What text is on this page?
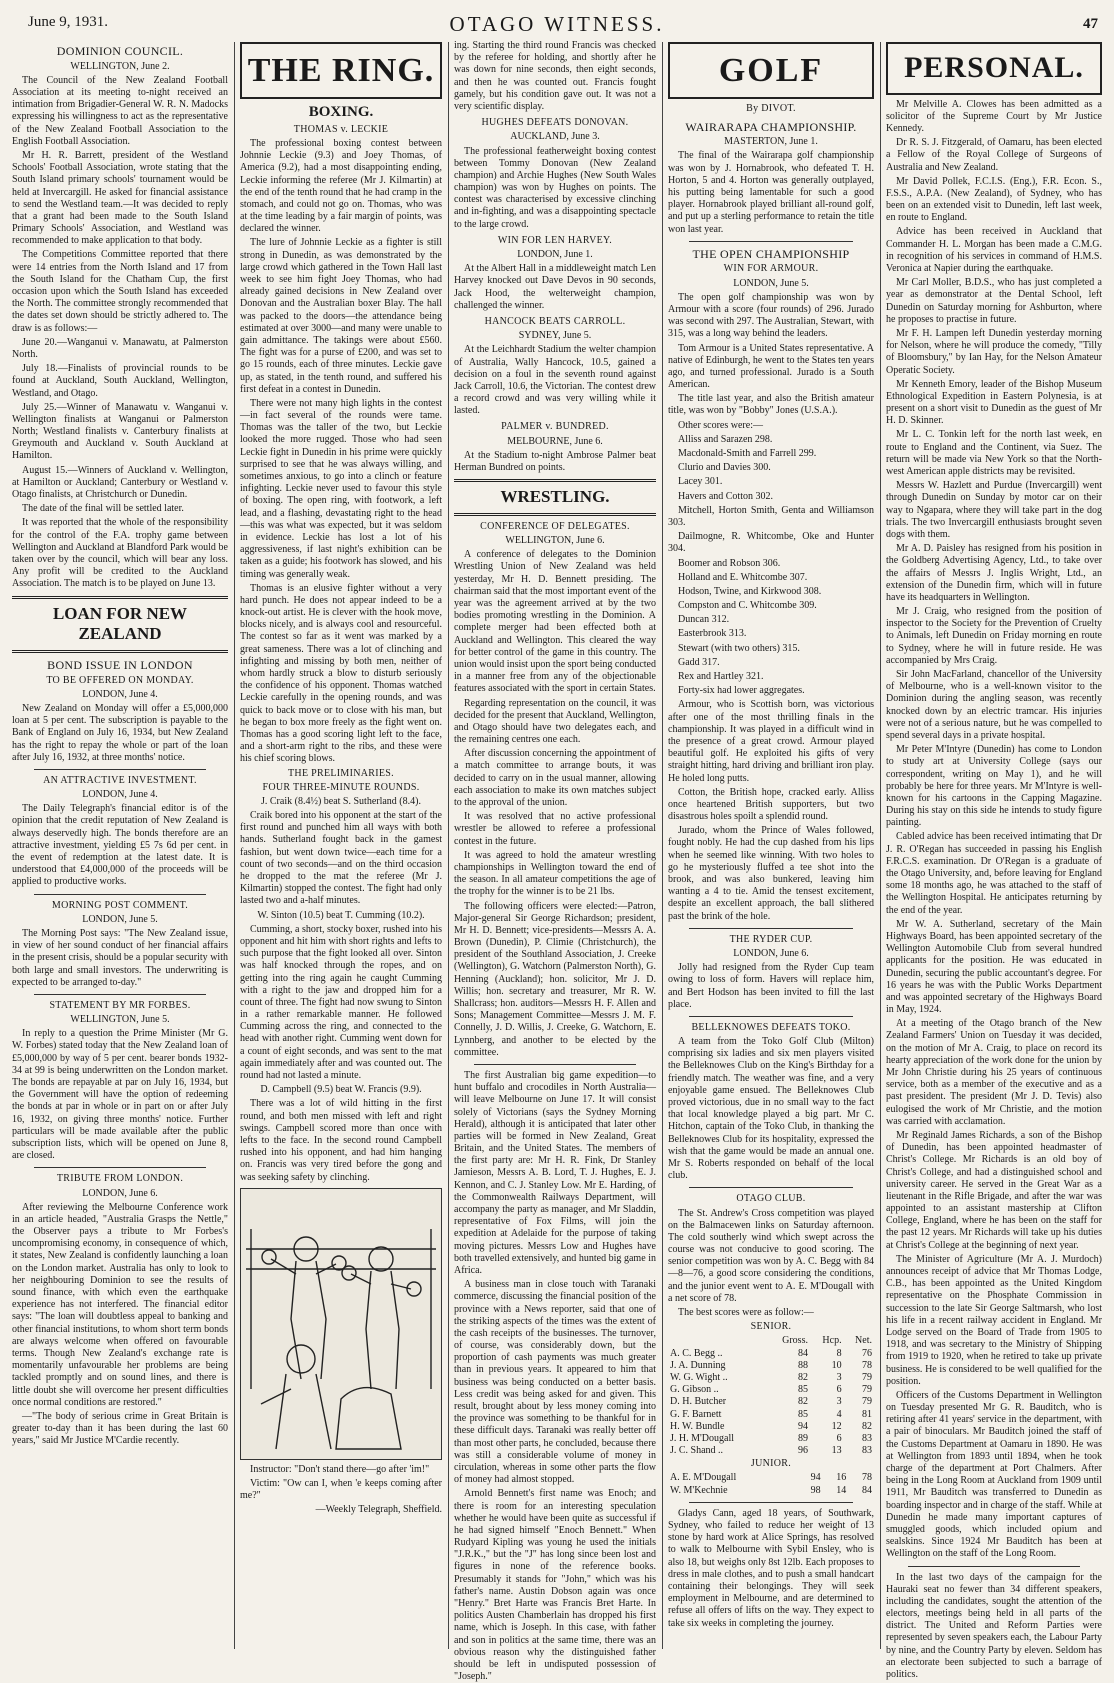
June 9, 1931.	OTAGO WITNESS.	47
DOMINION COUNCIL.

WELLINGTON, June 2.

The Council of the New Zealand Football Association at its meeting to-night received an intimation from Brigadier-General W. R. N. Madocks expressing his willingness to act as the representative of the New Zealand Football Association to the English Football Association.

Mr H. R. Barrett, president of the Westland Schools' Football Association, wrote stating that the South Island primary schools' tournament would be held at Invercargill. He asked for financial assistance to send the Westland team.—It was decided to reply that a grant had been made to the South Island Primary Schools' Association, and Westland was recommended to make application to that body.

The Competitions Committee reported that there were 14 entries from the North Island and 17 from the South Island for the Chatham Cup, the first occasion upon which the South Island has exceeded the North. The committee strongly recommended that the dates set down should be strictly adhered to. The draw is as follows:—

June 20.—Wanganui v. Manawatu, at Palmerston North.

July 18.—Finalists of provincial rounds to be found at Auckland, South Auckland, Wellington, Westland, and Otago.

July 25.—Winner of Manawatu v. Wanganui v. Wellington finalists at Wanganui or Palmerston North; Westland finalists v. Canterbury finalists at Greymouth and Auckland v. South Auckland at Hamilton.

August 15.—Winners of Auckland v. Wellington, at Hamilton or Auckland; Canterbury or Westland v. Otago finalists, at Christchurch or Dunedin.

The date of the final will be settled later.

It was reported that the whole of the responsibility for the control of the F.A. trophy game between Wellington and Auckland at Blandford Park would be taken over by the council, which will bear any loss. Any profit will be credited to the Auckland Association. The match is to be played on June 13.

LOAN FOR NEW ZEALAND
BOND ISSUE IN LONDON
TO BE OFFERED ON MONDAY.

LONDON, June 4.

New Zealand on Monday will offer a £5,000,000 loan at 5 per cent. The subscription is payable to the Bank of England on July 16, 1934, but New Zealand has the right to repay the whole or part of the loan after July 16, 1932, at three months' notice.

AN ATTRACTIVE INVESTMENT.

LONDON, June 4.

The Daily Telegraph's financial editor is of the opinion that the credit reputation of New Zealand is always deservedly high. The bonds therefore are an attractive investment, yielding £5 7s 6d per cent. in the event of redemption at the latest date. It is understood that £4,000,000 of the proceeds will be applied to productive works.

MORNING POST COMMENT.

LONDON, June 5.

The Morning Post says: "The New Zealand issue, in view of her sound conduct of her financial affairs in the present crisis, should be a popular security with both large and small investors. The underwriting is expected to be arranged to-day."

STATEMENT BY MR FORBES.

WELLINGTON, June 5.

In reply to a question the Prime Minister (Mr G. W. Forbes) stated today that the New Zealand loan of £5,000,000 by way of 5 per cent. bearer bonds 1932-34 at 99 is being underwritten on the London market. The bonds are repayable at par on July 16, 1934, but the Government will have the option of redeeming the bonds at par in whole or in part on or after July 16, 1932, on giving three months' notice. Further particulars will be made available after the public subscription lists, which will be opened on June 8, are closed.

TRIBUTE FROM LONDON.

LONDON, June 6.

After reviewing the Melbourne Conference work in an article headed, "Australia Grasps the Nettle," the Observer pays a tribute to Mr Forbes's uncompromising economy, in consequence of which, it states, New Zealand is confidently launching a loan on the London market. Australia has only to look to her neighbouring Dominion to see the results of sound finance, with which even the earthquake experience has not interfered. The financial editor says: "The loan will doubtless appeal to banking and other financial institutions, to whom short term bonds are always welcome when offered on favourable terms. Though New Zealand's exchange rate is momentarily unfavourable her problems are being tackled promptly and on sound lines, and there is little doubt she will overcome her present difficulties once normal conditions are restored."

—"The body of serious crime in Great Britain is greater to-day than it has been during the last 60 years," said Mr Justice M'Cardie recently.

THE RING.
BOXING.
THOMAS v. LECKIE

The professional boxing contest between Johnnie Leckie (9.3) and Joey Thomas, of America (9.2), had a most disappointing ending, Leckie informing the referee (Mr J. Kilmartin) at the end of the tenth round that he had cramp in the stomach, and could not go on. Thomas, who was at the time leading by a fair margin of points, was declared the winner.

The lure of Johnnie Leckie as a fighter is still strong in Dunedin, as was demonstrated by the large crowd which gathered in the Town Hall last week to see him fight Joey Thomas, who had already gained decisions in New Zealand over Donovan and the Australian boxer Blay. The hall was packed to the doors—the attendance being estimated at over 3000—and many were unable to gain admittance. The takings were about £560. The fight was for a purse of £200, and was set to go 15 rounds, each of three minutes. Leckie gave up, as stated, in the tenth round, and suffered his first defeat in a contest in Dunedin.

There were not many high lights in the contest—in fact several of the rounds were tame. Thomas was the taller of the two, but Leckie looked the more rugged. Those who had seen Leckie fight in Dunedin in his prime were quickly surprised to see that he was always willing, and sometimes anxious, to go into a clinch or feature infighting. Leckie never used to favour this style of boxing. The open ring, with footwork, a left lead, and a flashing, devastating right to the head—this was what was expected, but it was seldom in evidence. Leckie has lost a lot of his aggressiveness, if last night's exhibition can be taken as a guide; his footwork has slowed, and his timing was generally weak.

Thomas is an elusive fighter without a very hard punch. He does not appear indeed to be a knock-out artist. He is clever with the hook move, blocks nicely, and is always cool and resourceful. The contest so far as it went was marked by a great sameness. There was a lot of clinching and infighting and missing by both men, neither of whom hardly struck a blow to disturb seriously the confidence of his opponent. Thomas watched Leckie carefully in the opening rounds, and was quick to back move or to close with his man, but he began to box more freely as the fight went on. Thomas has a good scoring light left to the face, and a short-arm right to the ribs, and these were his chief scoring blows.

THE PRELIMINARIES.
FOUR THREE-MINUTE ROUNDS.

J. Craik (8.4½) beat S. Sutherland (8.4).

Craik bored into his opponent at the start of the first round and punched him all ways with both hands. Sutherland fought back in the gamest fashion, but went down twice—each time for a count of two seconds—and on the third occasion he dropped to the mat the referee (Mr J. Kilmartin) stopped the contest. The fight had only lasted two and a-half minutes.

W. Sinton (10.5) beat T. Cumming (10.2).

Cumming, a short, stocky boxer, rushed into his opponent and hit him with short rights and lefts to such purpose that the fight looked all over. Sinton was half knocked through the ropes, and on getting into the ring again he caught Cumming with a right to the jaw and dropped him for a count of three. The fight had now swung to Sinton in a rather remarkable manner. He followed Cumming across the ring, and connected to the head with another right. Cumming went down for a count of eight seconds, and was sent to the mat again immediately after and was counted out. The round had not lasted a minute.

D. Campbell (9.5) beat W. Francis (9.9).

There was a lot of wild hitting in the first round, and both men missed with left and right swings. Campbell scored more than once with lefts to the face. In the second round Campbell rushed into his opponent, and had him hanging on. Francis was very tired before the gong and was seeking safety by clinching.

Instructor: "Don't stand there—go after 'im!"

Victim: "Ow can I, when 'e keeps coming after me?"

—Weekly Telegraph, Sheffield.

ing. Starting the third round Francis was checked by the referee for holding, and shortly after he was down for nine seconds, then eight seconds, and then he was counted out. Francis fought gamely, but his condition gave out. It was not a very scientific display.

HUGHES DEFEATS DONOVAN.

AUCKLAND, June 3.

The professional featherweight boxing contest between Tommy Donovan (New Zealand champion) and Archie Hughes (New South Wales champion) was won by Hughes on points. The contest was characterised by excessive clinching and in-fighting, and was a disappointing spectacle to the large crowd.

WIN FOR LEN HARVEY.

LONDON, June 1.

At the Albert Hall in a middleweight match Len Harvey knocked out Dave Devos in 90 seconds, Jack Hood, the welterweight champion, challenged the winner.

HANCOCK BEATS CARROLL.

SYDNEY, June 5.

At the Leichhardt Stadium the welter champion of Australia, Wally Hancock, 10.5, gained a decision on a foul in the seventh round against Jack Carroll, 10.6, the Victorian. The contest drew a record crowd and was very willing while it lasted.

PALMER v. BUNDRED.

MELBOURNE, June 6.

At the Stadium to-night Ambrose Palmer beat Herman Bundred on points.

WRESTLING.
CONFERENCE OF DELEGATES.

WELLINGTON, June 6.

A conference of delegates to the Dominion Wrestling Union of New Zealand was held yesterday, Mr H. D. Bennett presiding. The chairman said that the most important event of the year was the agreement arrived at by the two bodies promoting wrestling in the Dominion. A complete merger had been effected both at Auckland and Wellington. This cleared the way for better control of the game in this country. The union would insist upon the sport being conducted in a manner free from any of the objectionable features associated with the sport in certain States.

Regarding representation on the council, it was decided for the present that Auckland, Wellington, and Otago should have two delegates each, and the remaining centres one each.

After discussion concerning the appointment of a match committee to arrange bouts, it was decided to carry on in the usual manner, allowing each association to make its own matches subject to the approval of the union.

It was resolved that no active professional wrestler be allowed to referee a professional contest in the future.

It was agreed to hold the amateur wrestling championships in Wellington toward the end of the season. In all amateur competitions the age of the trophy for the winner is to be 21 lbs.

The following officers were elected:—Patron, Major-general Sir George Richardson; president, Mr H. D. Bennett; vice-presidents—Messrs A. A. Brown (Dunedin), P. Climie (Christchurch), the president of the Southland Association, J. Creeke (Wellington), G. Watchorn (Palmerston North), G. Henning (Auckland); hon. solicitor, Mr J. D. Willis; hon. secretary and treasurer, Mr R. W. Shallcrass; hon. auditors—Messrs H. F. Allen and Sons; Management Committee—Messrs J. M. F. Connelly, J. D. Willis, J. Creeke, G. Watchorn, E. Lynnberg, and another to be elected by the committee.

The first Australian big game expedition—to hunt buffalo and crocodiles in North Australia—will leave Melbourne on June 17. It will consist solely of Victorians (says the Sydney Morning Herald), although it is anticipated that later other parties will be formed in New Zealand, Great Britain, and the United States. The members of the first party are: Mr H. R. Fink, Dr Stanley Jamieson, Messrs A. B. Lord, T. J. Hughes, E. J. Kennon, and C. J. Stanley Low. Mr E. Harding, of the Commonwealth Railways Department, will accompany the party as manager, and Mr Sladdin, representative of Fox Films, will join the expedition at Adelaide for the purpose of taking moving pictures. Messrs Low and Hughes have both travelled extensively, and hunted big game in Africa.

A business man in close touch with Taranaki commerce, discussing the financial position of the province with a News reporter, said that one of the striking aspects of the times was the extent of the cash receipts of the businesses. The turnover, of course, was considerably down, but the proportion of cash payments was much greater than in previous years. It appeared to him that business was being conducted on a better basis. Less credit was being asked for and given. This result, brought about by less money coming into the province was something to be thankful for in these difficult days. Taranaki was really better off than most other parts, he concluded, because there was still a considerable volume of money in circulation, whereas in some other parts the flow of money had almost stopped.

Arnold Bennett's first name was Enoch; and there is room for an interesting speculation whether he would have been quite as successful if he had signed himself "Enoch Bennett." When Rudyard Kipling was young he used the initials "J.R.K.," but the "J" has long since been lost and figures in none of the reference books. Presumably it stands for "John," which was his father's name. Austin Dobson again was once "Henry." Bret Harte was Francis Bret Harte. In politics Austen Chamberlain has dropped his first name, which is Joseph. In this case, with father and son in politics at the same time, there was an obvious reason why the distinguished father should be left in undisputed possession of "Joseph."

GOLF
By DIVOT.
WAIRARAPA CHAMPIONSHIP.

MASTERTON, June 1.

The final of the Wairarapa golf championship was won by J. Hornabrook, who defeated T. H. Horton, 5 and 4. Horton was generally outplayed, his putting being lamentable for such a good player. Hornabrook played brilliant all-round golf, and put up a sterling performance to retain the title won last year.

THE OPEN CHAMPIONSHIP
WIN FOR ARMOUR.

LONDON, June 5.

The open golf championship was won by Armour with a score (four rounds) of 296. Jurado was second with 297. The Australian, Stewart, with 315, was a long way behind the leaders.

Tom Armour is a United States representative. A native of Edinburgh, he went to the States ten years ago, and turned professional. Jurado is a South American.

The title last year, and also the British amateur title, was won by "Bobby" Jones (U.S.A.).

Other scores were:—

Alliss and Sarazen 298.

Macdonald-Smith and Farrell 299.

Clurio and Davies 300.

Lacey 301.

Havers and Cotton 302.

Mitchell, Horton Smith, Genta and Williamson 303.

Dailmogne, R. Whitcombe, Oke and Hunter 304.

Boomer and Robson 306.

Holland and E. Whitcombe 307.

Hodson, Twine, and Kirkwood 308.

Compston and C. Whitcombe 309.

Duncan 312.

Easterbrook 313.

Stewart (with two others) 315.

Gadd 317.

Rex and Hartley 321.

Forty-six had lower aggregates.

Armour, who is Scottish born, was victorious after one of the most thrilling finals in the championship. It was played in a difficult wind in the presence of a great crowd. Armour played beautiful golf. He exploited his gifts of very straight hitting, hard driving and brilliant iron play. He holed long putts.

Cotton, the British hope, cracked early. Alliss once heartened British supporters, but two disastrous holes spoilt a splendid round.

Jurado, whom the Prince of Wales followed, fought nobly. He had the cup dashed from his lips when he seemed like winning. With two holes to go he mysteriously fluffed a tee shot into the brook, and was also bunkered, leaving him wanting a 4 to tie. Amid the tensest excitement, despite an excellent approach, the ball slithered past the brink of the hole.

THE RYDER CUP.

LONDON, June 6.

Jolly had resigned from the Ryder Cup team owing to loss of form. Havers will replace him, and Bert Hodson has been invited to fill the last place.

BELLEKNOWES DEFEATS TOKO.

A team from the Toko Golf Club (Milton) comprising six ladies and six men players visited the Belleknowes Club on the King's Birthday for a friendly match. The weather was fine, and a very enjoyable game ensued. The Belleknowes Club proved victorious, due in no small way to the fact that local knowledge played a big part. Mr C. Hitchon, captain of the Toko Club, in thanking the Belleknowes Club for its hospitality, expressed the wish that the game would be made an annual one. Mr S. Roberts responded on behalf of the local club.

OTAGO CLUB.

The St. Andrew's Cross competition was played on the Balmacewen links on Saturday afternoon. The cold southerly wind which swept across the course was not conducive to good scoring. The senior competition was won by A. C. Begg with 84—8—76, a good score considering the conditions, and the junior event went to A. E. M'Dougall with a net score of 78.

The best scores were as follow:—

SENIOR.
	Gross.	Hcp.	Net.
A. C. Begg ..	84	8	76
J. A. Dunning	88	10	78
W. G. Wight ..	82	3	79
G. Gibson ..	85	6	79
D. H. Butcher	82	3	79
G. F. Barnett	85	4	81
H. W. Bundle	94	12	82
J. H. M'Dougall	89	6	83
J. C. Shand ..	96	13	83
JUNIOR.
A. E. M'Dougall	94	16	78
W. M'Kechnie	98	14	84

Gladys Cann, aged 18 years, of Southwark, Sydney, who failed to reduce her weight of 13 stone by hard work at Alice Springs, has resolved to walk to Melbourne with Sybil Ensley, who is also 18, but weighs only 8st 12lb. Each proposes to dress in male clothes, and to push a small handcart containing their belongings. They will seek employment in Melbourne, and are determined to refuse all offers of lifts on the way. They expect to take six weeks in completing the journey.

PERSONAL.

Mr Melville A. Clowes has been admitted as a solicitor of the Supreme Court by Mr Justice Kennedy.

Dr R. S. J. Fitzgerald, of Oamaru, has been elected a Fellow of the Royal College of Surgeons of Australia and New Zealand.

Mr David Pollek, F.C.I.S. (Eng.), F.R. Econ. S., F.S.S., A.P.A. (New Zealand), of Sydney, who has been on an extended visit to Dunedin, left last week, en route to England.

Advice has been received in Auckland that Commander H. L. Morgan has been made a C.M.G. in recognition of his services in command of H.M.S. Veronica at Napier during the earthquake.

Mr Carl Moller, B.D.S., who has just completed a year as demonstrator at the Dental School, left Dunedin on Saturday morning for Ashburton, where he proposes to practise in future.

Mr F. H. Lampen left Dunedin yesterday morning for Nelson, where he will produce the comedy, "Tilly of Bloomsbury," by Ian Hay, for the Nelson Amateur Operatic Society.

Mr Kenneth Emory, leader of the Bishop Museum Ethnological Expedition in Eastern Polynesia, is at present on a short visit to Dunedin as the guest of Mr H. D. Skinner.

Mr L. C. Tonkin left for the north last week, en route to England and the Continent, via Suez. The return will be made via New York so that the North-west American apple districts may be revisited.

Messrs W. Hazlett and Purdue (Invercargill) went through Dunedin on Sunday by motor car on their way to Ngapara, where they will take part in the dog trials. The two Invercargill enthusiasts brought seven dogs with them.

Mr A. D. Paisley has resigned from his position in the Goldberg Advertising Agency, Ltd., to take over the affairs of Messrs J. Inglis Wright, Ltd., an extension of the Dunedin firm, which will in future have its headquarters in Wellington.

Mr J. Craig, who resigned from the position of inspector to the Society for the Prevention of Cruelty to Animals, left Dunedin on Friday morning en route to Sydney, where he will in future reside. He was accompanied by Mrs Craig.

Sir John MacFarland, chancellor of the University of Melbourne, who is a well-known visitor to the Dominion during the angling season, was recently knocked down by an electric tramcar. His injuries were not of a serious nature, but he was compelled to spend several days in a private hospital.

Mr Peter M'Intyre (Dunedin) has come to London to study art at University College (says our correspondent, writing on May 1), and he will probably be here for three years. Mr M'Intyre is well-known for his cartoons in the Capping Magazine. During his stay on this side he intends to study figure painting.

Cabled advice has been received intimating that Dr J. R. O'Regan has succeeded in passing his English F.R.C.S. examination. Dr O'Regan is a graduate of the Otago University, and, before leaving for England some 18 months ago, he was attached to the staff of the Wellington Hospital. He anticipates returning by the end of the year.

Mr W. A. Sutherland, secretary of the Main Highways Board, has been appointed secretary of the Wellington Automobile Club from several hundred applicants for the position. He was educated in Dunedin, securing the public accountant's degree. For 16 years he was with the Public Works Department and was appointed secretary of the Highways Board in May, 1924.

At a meeting of the Otago branch of the New Zealand Farmers' Union on Tuesday it was decided, on the motion of Mr A. Craig, to place on record its hearty appreciation of the work done for the union by Mr John Christie during his 25 years of continuous service, both as a member of the executive and as a past president. The president (Mr J. D. Tevis) also eulogised the work of Mr Christie, and the motion was carried with acclamation.

Mr Reginald James Richards, a son of the Bishop of Dunedin, has been appointed headmaster of Christ's College. Mr Richards is an old boy of Christ's College, and had a distinguished school and university career. He served in the Great War as a lieutenant in the Rifle Brigade, and after the war was appointed to an assistant mastership at Clifton College, England, where he has been on the staff for the past 12 years. Mr Richards will take up his duties at Christ's College at the beginning of next year.

The Minister of Agriculture (Mr A. J. Murdoch) announces receipt of advice that Mr Thomas Lodge, C.B., has been appointed as the United Kingdom representative on the Phosphate Commission in succession to the late Sir George Saltmarsh, who lost his life in a recent railway accident in England. Mr Lodge served on the Board of Trade from 1905 to 1918, and was secretary to the Ministry of Shipping from 1919 to 1920, when he retired to take up private business. He is considered to be well qualified for the position.

Officers of the Customs Department in Wellington on Tuesday presented Mr G. R. Bauditch, who is retiring after 41 years' service in the department, with a pair of binoculars. Mr Bauditch joined the staff of the Customs Department at Oamaru in 1890. He was at Wellington from 1893 until 1894, when he took charge of the department at Port Chalmers. After being in the Long Room at Auckland from 1909 until 1911, Mr Bauditch was transferred to Dunedin as boarding inspector and in charge of the staff. While at Dunedin he made many important captures of smuggled goods, which included opium and sealskins. Since 1924 Mr Bauditch has been at Wellington on the staff of the Long Room.

In the last two days of the campaign for the Hauraki seat no fewer than 34 different speakers, including the candidates, sought the attention of the electors, meetings being held in all parts of the district. The United and Reform Parties were represented by seven speakers each, the Labour Party by nine, and the Country Party by eleven. Seldom has an electorate been subjected to such a barrage of politics.
